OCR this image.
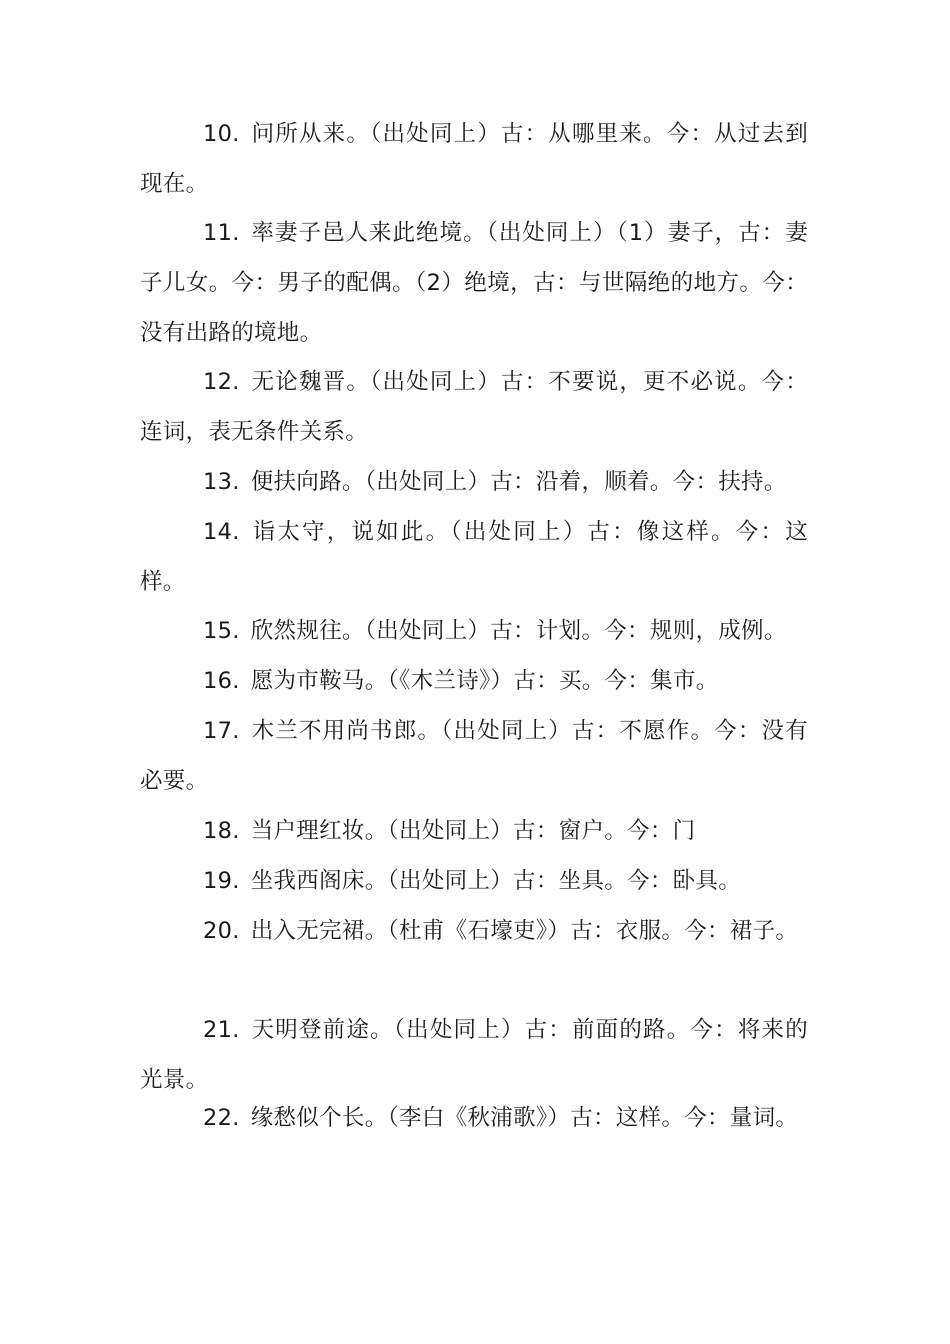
10. 问所从来。（出处同上）古：从哪里来。今：从过去到现在。

11. 率妻子邑人来此绝境。（出处同上）（1）妻子，古：妻子儿女。今：男子的配偶。（2）绝境，古：与世隔绝的地方。今：没有出路的境地。

12. 无论魏晋。（出处同上）古：不要说，更不必说。今：连词，表无条件关系。

13. 便扶向路。（出处同上）古：沿着，顺着。今：扶持。

14. 诣太守，说如此。（出处同上）古：像这样。今：这样。

15. 欣然规往。（出处同上）古：计划。今：规则，成例。

16. 愿为市鞍马。（《木兰诗》）古：买。今：集市。

17. 木兰不用尚书郎。（出处同上）古：不愿作。今：没有必要。

18. 当户理红妆。（出处同上）古：窗户。今：门

19. 坐我西阁床。（出处同上）古：坐具。今：卧具。

20. 出入无完裙。（杜甫《石壕吏》）古：衣服。今：裙子。

21. 天明登前途。（出处同上）古：前面的路。今：将来的光景。

22. 缘愁似个长。（李白《秋浦歌》）古：这样。今：量词。
